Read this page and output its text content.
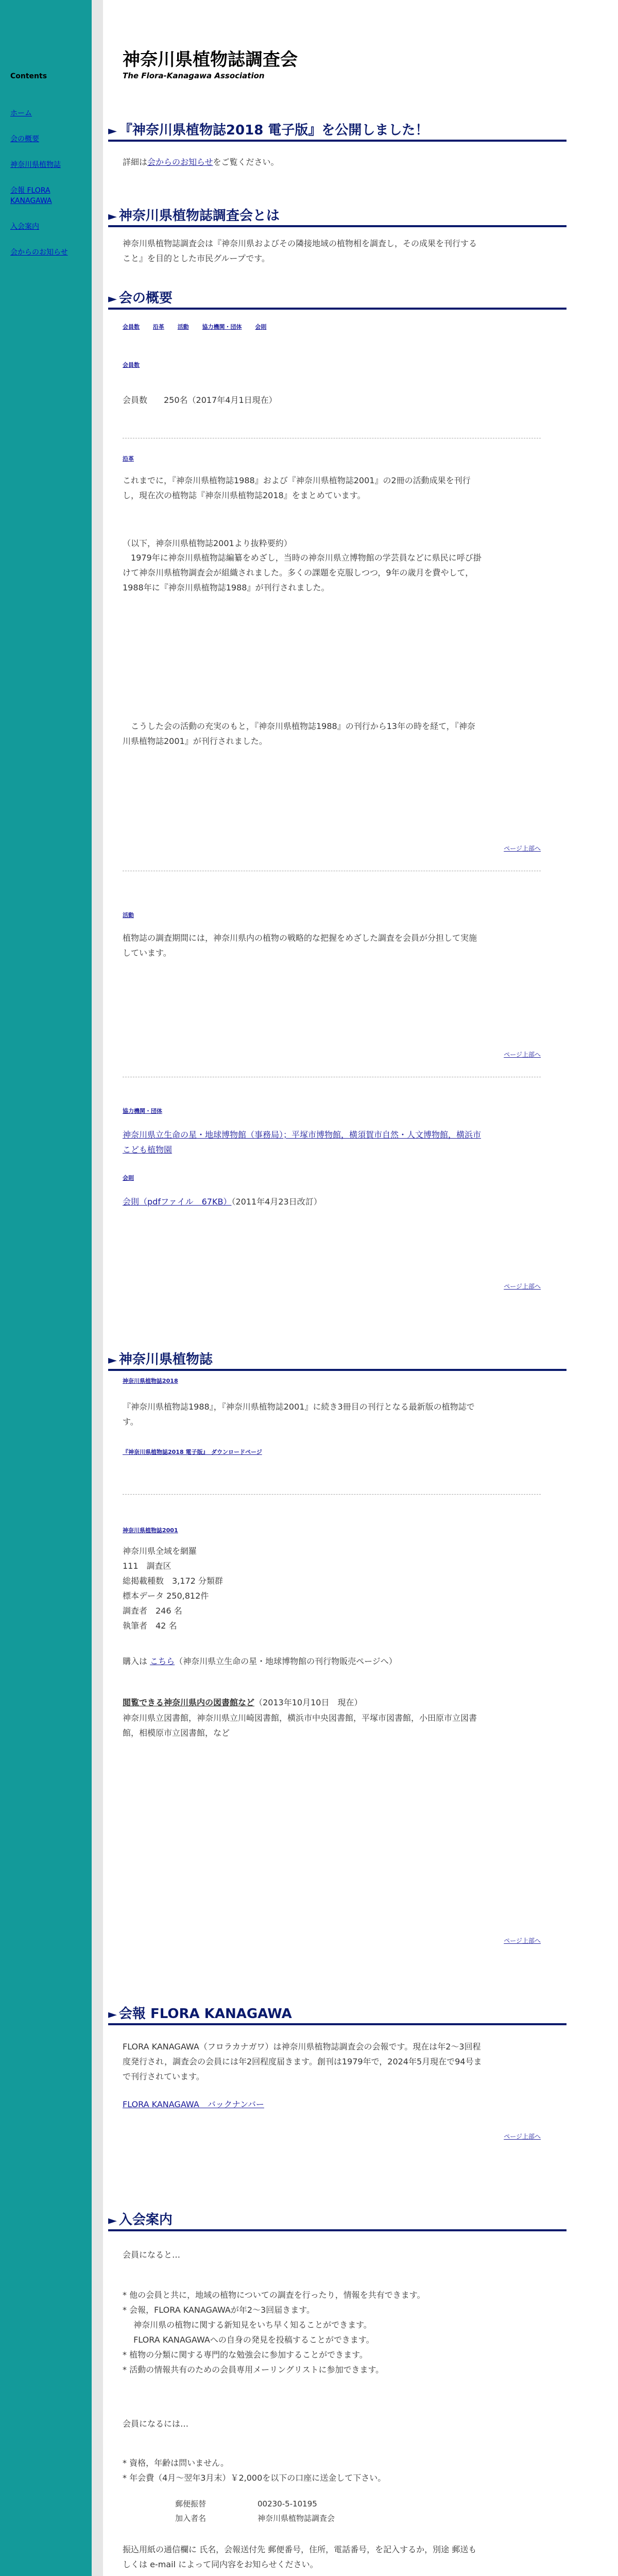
Contents
ホーム
会の概要
神奈川県植物誌
会報 FLORA KANAGAWA
入会案内
会からのお知らせ
神奈川県植物誌調査会
The Flora-Kanagawa Association
► 『神奈川県植物誌2018 電子版』を公開しました！
詳細は会からのお知らせをご覧ください。
► 神奈川県植物誌調査会とは
神奈川県植物誌調査会は『神奈川県およびその隣接地域の植物相を調査し，その成果を刊行すること』を目的とした市民グループです。
► 会の概要
会員数 沿革 活動 協力機関・団体 会則
会員数
会員数　　250名（2017年4月1日現在）
沿革
これまでに，『神奈川県植物誌1988』および『神奈川県植物誌2001』の2冊の活動成果を刊行し，現在次の植物誌『神奈川県植物誌2018』をまとめています。
（以下，神奈川県植物誌2001より抜粋要約）
　1979年に神奈川県植物誌編纂をめざし，当時の神奈川県立博物館の学芸員などに県民に呼び掛けて神奈川県植物調査会が組織されました。多くの課題を克服しつつ，9年の歳月を費やして，1988年に『神奈川県植物誌1988』が刊行されました。
　こうした会の活動の充実のもと，『神奈川県植物誌1988』の刊行から13年の時を経て，『神奈川県植物誌2001』が刊行されました。
ページ上部へ
活動
植物誌の調査期間には，神奈川県内の植物の戦略的な把握をめざした調査を会員が分担して実施しています。
ページ上部へ
協力機関・団体
神奈川県立生命の星・地球博物館（事務局）；平塚市博物館，横須賀市自然・人文博物館，横浜市こども植物園
会則
会則（pdfファイル　67KB）（2011年4月23日改訂）
ページ上部へ
► 神奈川県植物誌
神奈川県植物誌2018
『神奈川県植物誌1988』，『神奈川県植物誌2001』に続き3冊目の刊行となる最新版の植物誌です。
『神奈川県植物誌2018 電子版』　ダウンロードページ
神奈川県植物誌2001
神奈川県全域を網羅
111　調査区
総掲載種数　3,172 分類群
標本データ 250,812件
調査者　246 名
執筆者　42 名
購入は こちら（神奈川県立生命の星・地球博物館の刊行物販売ページへ）
閲覧できる神奈川県内の図書館など（2013年10月10日　現在）
神奈川県立図書館，神奈川県立川崎図書館，横浜市中央図書館，平塚市図書館，小田原市立図書館，相模原市立図書館，など
ページ上部へ
► 会報 FLORA KANAGAWA
FLORA KANAGAWA（フロラカナガワ）は神奈川県植物誌調査会の会報です。現在は年2〜3回程度発行され，調査会の会員には年2回程度届きます。創刊は1979年で，2024年5月現在で94号まで刊行されています。
FLORA KANAGAWA　バックナンバー
ページ上部へ
► 入会案内
会員になると…
* 他の会員と共に，地域の植物についての調査を行ったり，情報を共有できます。
* 会報，FLORA KANAGAWAが年2〜3回届きます。
　 神奈川県の植物に関する新知見をいち早く知ることができます。
　 FLORA KANAGAWAへの自身の発見を投稿することができます。
* 植物の分類に関する専門的な勉強会に参加することができます。
* 活動の情報共有のための会員専用メーリングリストに参加できます。
会員になるには…
* 資格，年齢は問いません。
* 年会費（4月〜翌年3月末）￥2,000を以下の口座に送金して下さい。
郵便振替	00230-5-10195
加入者名	神奈川県植物誌調査会
振込用紙の通信欄に 氏名，会報送付先 郵便番号，住所，電話番号，を記入するか，別途 郵送もしくは e-mail によって同内容をお知らせください。
